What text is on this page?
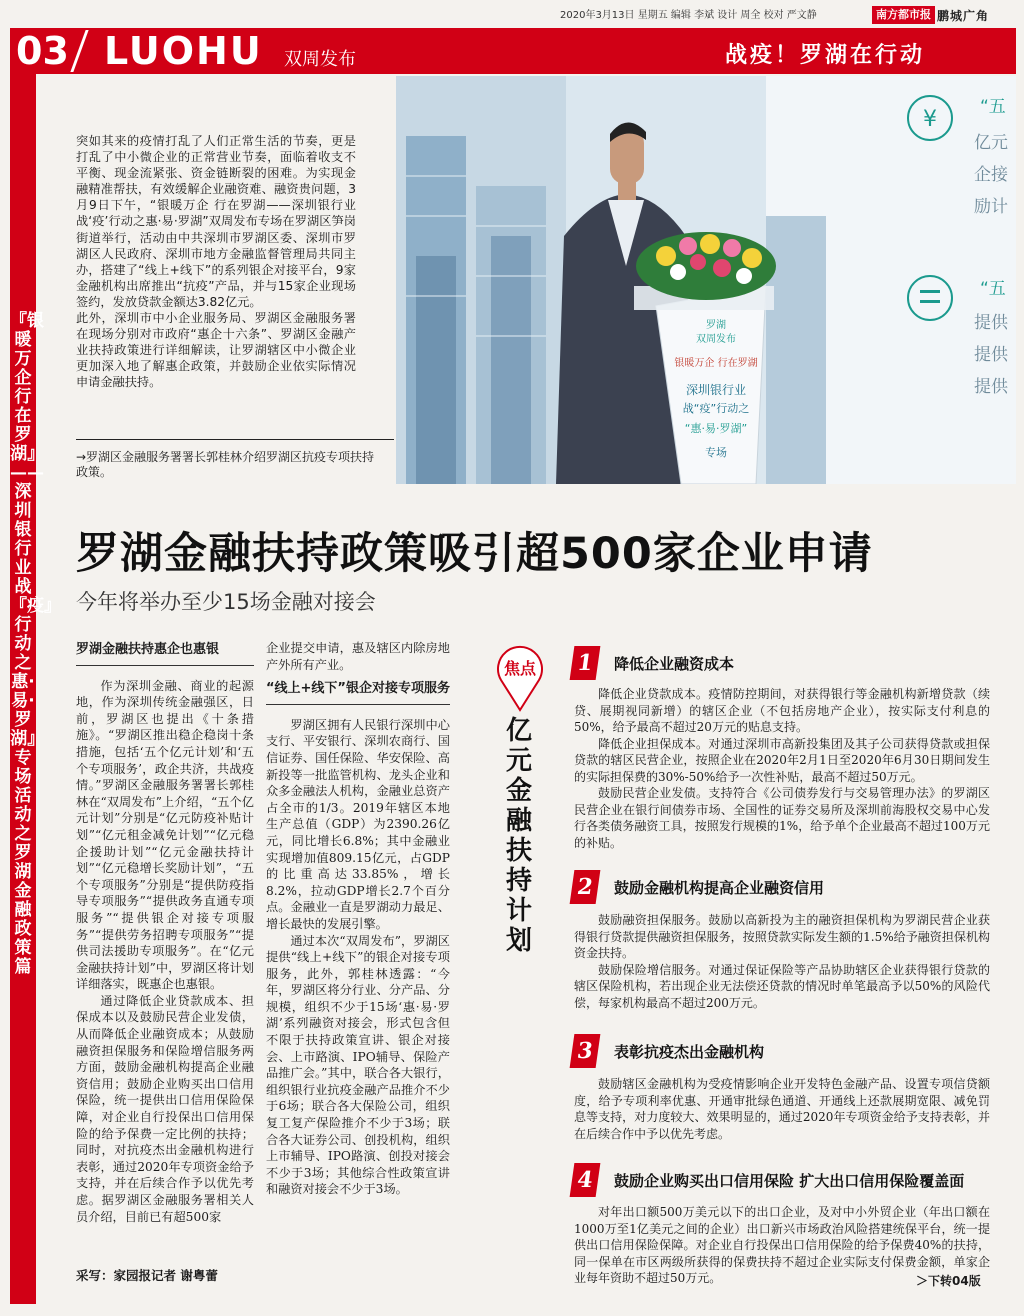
2020年3月13日 星期五 编辑 李斌 设计 周全 校对 严文静	南方都市报 鹏城广角
03 LUOHU 双周发布	战疫！罗湖在行动
『银暖万企 行在罗湖』——深圳银行业战『疫』行动之惠·易·罗湖』专场活动之罗湖金融政策篇
¥	“五
亿元
企接
励计
“五
提供
提供
提供
罗湖
双周发布
银暖万企 行在罗湖
深圳银行业
战“疫”行动之
“惠·易·罗湖”
专场

突如其来的疫情打乱了人们正常生活的节奏，更是打乱了中小微企业的正常营业节奏，面临着收支不平衡、现金流紧张、资金链断裂的困难。为实现金融精准帮扶，有效缓解企业融资难、融资贵问题，3月9日下午，“银暖万企 行在罗湖——深圳银行业战‘疫’行动之惠·易·罗湖”双周发布专场在罗湖区笋岗街道举行，活动由中共深圳市罗湖区委、深圳市罗湖区人民政府、深圳市地方金融监督管理局共同主办，搭建了“线上+线下”的系列银企对接平台，9家金融机构出席推出“抗疫”产品，并与15家企业现场签约，发放贷款金额达3.82亿元。

此外，深圳市中小企业服务局、罗湖区金融服务署在现场分别对市政府“惠企十六条”、罗湖区金融产业扶持政策进行详细解读，让罗湖辖区中小微企业更加深入地了解惠企政策，并鼓励企业依实际情况申请金融扶持。

→罗湖区金融服务署署长郭桂林介绍罗湖区抗疫专项扶持政策。
罗湖金融扶持政策吸引超500家企业申请
今年将举办至少15场金融对接会
罗湖金融扶持惠企也惠银

作为深圳金融、商业的起源地，作为深圳传统金融强区，日前，罗湖区也提出《十条措施》。“罗湖区推出稳企稳岗十条措施，包括‘五个亿元计划’和‘五个专项服务’，政企共济，共战疫情。”罗湖区金融服务署署长郭桂林在“双周发布”上介绍，“五个亿元计划”分别是“亿元防疫补贴计划”“亿元租金减免计划”“亿元稳企援助计划”“亿元金融扶持计划”“亿元稳增长奖励计划”，“五个专项服务”分别是“提供防疫指导专项服务”“提供政务直通专项服务”“提供银企对接专项服务”“提供劳务招聘专项服务”“提供司法援助专项服务”。在“亿元金融扶持计划”中，罗湖区将计划详细落实，既惠企也惠银。

通过降低企业贷款成本、担保成本以及鼓励民营企业发债，从而降低企业融资成本；从鼓励融资担保服务和保险增信服务两方面，鼓励金融机构提高企业融资信用；鼓励企业购买出口信用保险，统一提供出口信用保险保障，对企业自行投保出口信用保险的给予保费一定比例的扶持；同时，对抗疫杰出金融机构进行表彰，通过2020年专项资金给予支持，并在后续合作予以优先考虑。据罗湖区金融服务署相关人员介绍，目前已有超500家

企业提交申请，惠及辖区内除房地产外所有产业。

“线上+线下”银企对接专项服务

罗湖区拥有人民银行深圳中心支行、平安银行、深圳农商行、国信证券、国任保险、华安保险、高新投等一批监管机构、龙头企业和众多金融法人机构，金融业总资产占全市的1/3。2019年辖区本地生产总值（GDP）为2390.26亿元，同比增长6.8%；其中金融业实现增加值809.15亿元，占GDP的比重高达33.85%，增长8.2%，拉动GDP增长2.7个百分点。金融业一直是罗湖动力最足、增长最快的发展引擎。

通过本次“双周发布”，罗湖区提供“线上+线下”的银企对接专项服务，此外，郭桂林透露：“今年，罗湖区将分行业、分产品、分规模，组织不少于15场‘惠·易·罗湖’系列融资对接会，形式包含但不限于扶持政策宣讲、银企对接会、上市路演、IPO辅导、保险产品推广会。”其中，联合各大银行，组织银行业抗疫金融产品推介不少于6场；联合各大保险公司，组织复工复产保险推介不少于3场；联合各大证券公司、创投机构，组织上市辅导、IPO路演、创投对接会不少于3场；其他综合性政策宣讲和融资对接会不少于3场。

采写：家园报记者 谢粤蕾
焦点
亿元金融扶持计划
1	降低企业融资成本

降低企业贷款成本。疫情防控期间，对获得银行等金融机构新增贷款（续贷、展期视同新增）的辖区企业（不包括房地产企业），按实际支付利息的50%，给予最高不超过20万元的贴息支持。

降低企业担保成本。对通过深圳市高新投集团及其子公司获得贷款或担保贷款的辖区民营企业，按照企业在2020年2月1日至2020年6月30日期间发生的实际担保费的30%-50%给予一次性补贴，最高不超过50万元。

鼓励民营企业发债。支持符合《公司债券发行与交易管理办法》的罗湖区民营企业在银行间债券市场、全国性的证券交易所及深圳前海股权交易中心发行各类债务融资工具，按照发行规模的1%，给予单个企业最高不超过100万元的补贴。

2	鼓励金融机构提高企业融资信用

鼓励融资担保服务。鼓励以高新投为主的融资担保机构为罗湖民营企业获得银行贷款提供融资担保服务，按照贷款实际发生额的1.5%给予融资担保机构资金扶持。

鼓励保险增信服务。对通过保证保险等产品协助辖区企业获得银行贷款的辖区保险机构，若出现企业无法偿还贷款的情况时单笔最高予以50%的风险代偿，每家机构最高不超过200万元。

3	表彰抗疫杰出金融机构

鼓励辖区金融机构为受疫情影响企业开发特色金融产品、设置专项信贷额度，给予专项利率优惠、开通审批绿色通道、开通线上还款展期宽限、减免罚息等支持，对力度较大、效果明显的，通过2020年专项资金给予支持表彰，并在后续合作中予以优先考虑。

4	鼓励企业购买出口信用保险 扩大出口信用保险覆盖面

对年出口额500万美元以下的出口企业，及对中小外贸企业（年出口额在1000万至1亿美元之间的企业）出口新兴市场政治风险搭建统保平台，统一提供出口信用保险保障。对企业自行投保出口信用保险的给予保费40%的扶持，同一保单在市区两级所获得的保费扶持不超过企业实际支付保费金额，单家企业每年资助不超过50万元。	＞下转04版
